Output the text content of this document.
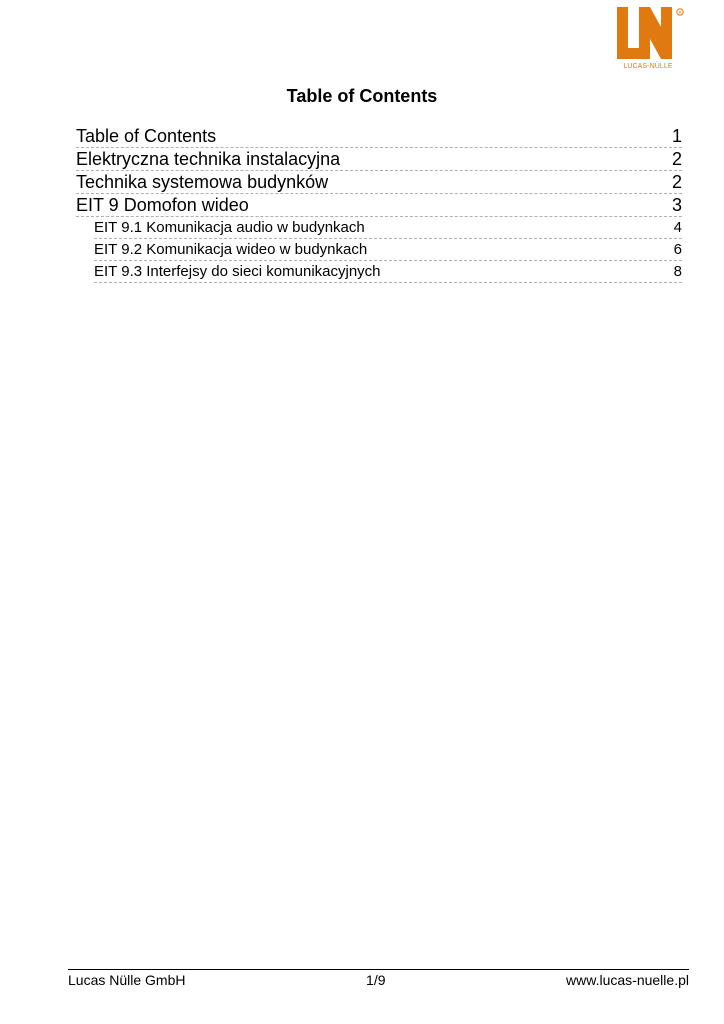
R
LUCAS-NÜLLE
Table of Contents
Table of Contents	1
Elektryczna technika instalacyjna	2
Technika systemowa budynków	2
EIT 9 Domofon wideo	3
EIT 9.1 Komunikacja audio w budynkach	4
EIT 9.2 Komunikacja wideo w budynkach	6
EIT 9.3 Interfejsy do sieci komunikacyjnych	8
Lucas Nülle GmbH	1/9	www.lucas-nuelle.pl
